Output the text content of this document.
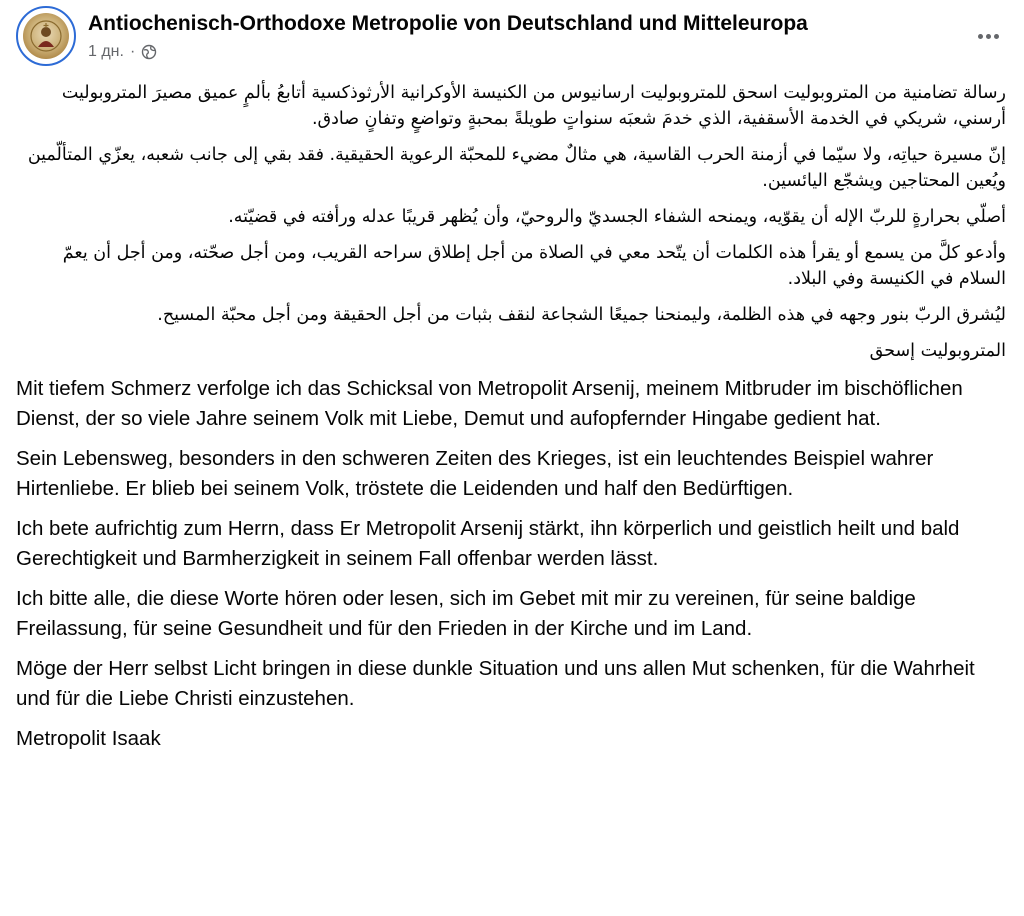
Antiochenisch-Orthodoxe Metropolie von Deutschland und Mitteleuropa
1 дн. ·

رسالة تضامنية من المتروبوليت اسحق للمتروبوليت ارسانيوس من الكنيسة الأوكرانية الأرثوذكسية أتابعُ بألمٍ عميق مصيرَ المتروبوليت أرسني، شريكي في الخدمة الأسقفية، الذي خدمَ شعبَه سنواتٍ طويلةً بمحبةٍ وتواضعٍ وتفانٍ صادق.

إنّ مسيرة حياتِه، ولا سيّما في أزمنة الحرب القاسية، هي مثالٌ مضيء للمحبّة الرعوية الحقيقية. فقد بقي إلى جانب شعبه، يعزّي المتألّمين ويُعين المحتاجين ويشجّع اليائسين.

أصلّي بحرارةٍ للربّ الإله أن يقوّيه، ويمنحه الشفاء الجسديّ والروحيّ، وأن يُظهر قريبًا عدله ورأفته في قضيّته.

وأدعو كلَّ من يسمع أو يقرأ هذه الكلمات أن يتّحد معي في الصلاة من أجل إطلاق سراحه القريب، ومن أجل صحّته، ومن أجل أن يعمّ السلام في الكنيسة وفي البلاد.

ليُشرق الربّ بنور وجهه في هذه الظلمة، وليمنحنا جميعًا الشجاعة لنقف بثبات من أجل الحقيقة ومن أجل محبّة المسيح.

المتروبوليت إسحق

Mit tiefem Schmerz verfolge ich das Schicksal von Metropolit Arsenij, meinem Mitbruder im bischöflichen Dienst, der so viele Jahre seinem Volk mit Liebe, Demut und aufopfernder Hingabe gedient hat.

Sein Lebensweg, besonders in den schweren Zeiten des Krieges, ist ein leuchtendes Beispiel wahrer Hirtenliebe. Er blieb bei seinem Volk, tröstete die Leidenden und half den Bedürftigen.

Ich bete aufrichtig zum Herrn, dass Er Metropolit Arsenij stärkt, ihn körperlich und geistlich heilt und bald Gerechtigkeit und Barmherzigkeit in seinem Fall offenbar werden lässt.

Ich bitte alle, die diese Worte hören oder lesen, sich im Gebet mit mir zu vereinen, für seine baldige Freilassung, für seine Gesundheit und für den Frieden in der Kirche und im Land.

Möge der Herr selbst Licht bringen in diese dunkle Situation und uns allen Mut schenken, für die Wahrheit und für die Liebe Christi einzustehen.

Metropolit Isaak
